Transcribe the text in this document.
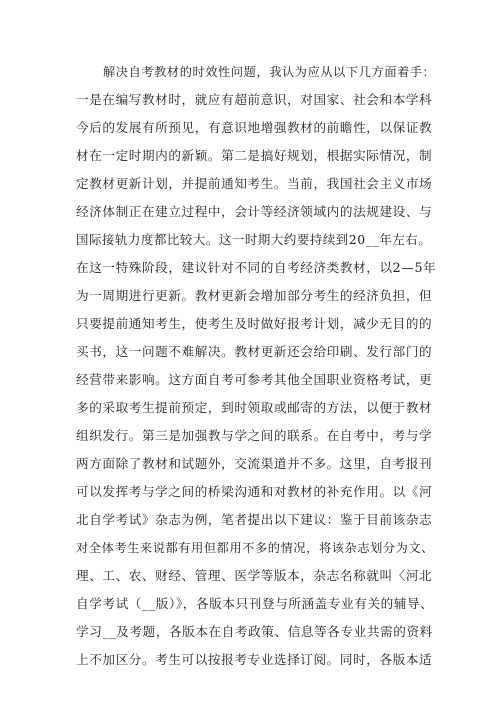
解决自考教材的时效性问题，我认为应从以下几方面着手：
一是在编写教材时，就应有超前意识，对国家、社会和本学科
今后的发展有所预见，有意识地增强教材的前瞻性，以保证教
材在一定时期内的新颖。第二是搞好规划，根据实际情况，制
定教材更新计划，并提前通知考生。当前，我国社会主义市场
经济体制正在建立过程中，会计等经济领域内的法规建设、与
国际接轨力度都比较大。这一时期大约要持续到20__年左右。
在这一特殊阶段，建议针对不同的自考经济类教材，以2—5年
为一周期进行更新。教材更新会增加部分考生的经济负担，但
只要提前通知考生，使考生及时做好报考计划，减少无目的的
买书，这一问题不难解决。教材更新还会给印刷、发行部门的
经营带来影响。这方面自考可参考其他全国职业资格考试，更
多的采取考生提前预定，到时领取或邮寄的方法，以便于教材
组织发行。第三是加强教与学之间的联系。在自考中，考与学
两方面除了教材和试题外，交流渠道并不多。这里，自考报刊
可以发挥考与学之间的桥梁沟通和对教材的补充作用。以《河
北自学考试》杂志为例，笔者提出以下建议：鉴于目前该杂志
对全体考生来说都有用但都用不多的情况，将该杂志划分为文、
理、工、农、财经、管理、医学等版本，杂志名称就叫〈河北
自学考试（__版）》，各版本只刊登与所涵盖专业有关的辅导、
学习__及考题，各版本在自考政策、信息等各专业共需的资料
上不加区分。考生可以按报考专业选择订阅。同时，各版本适
